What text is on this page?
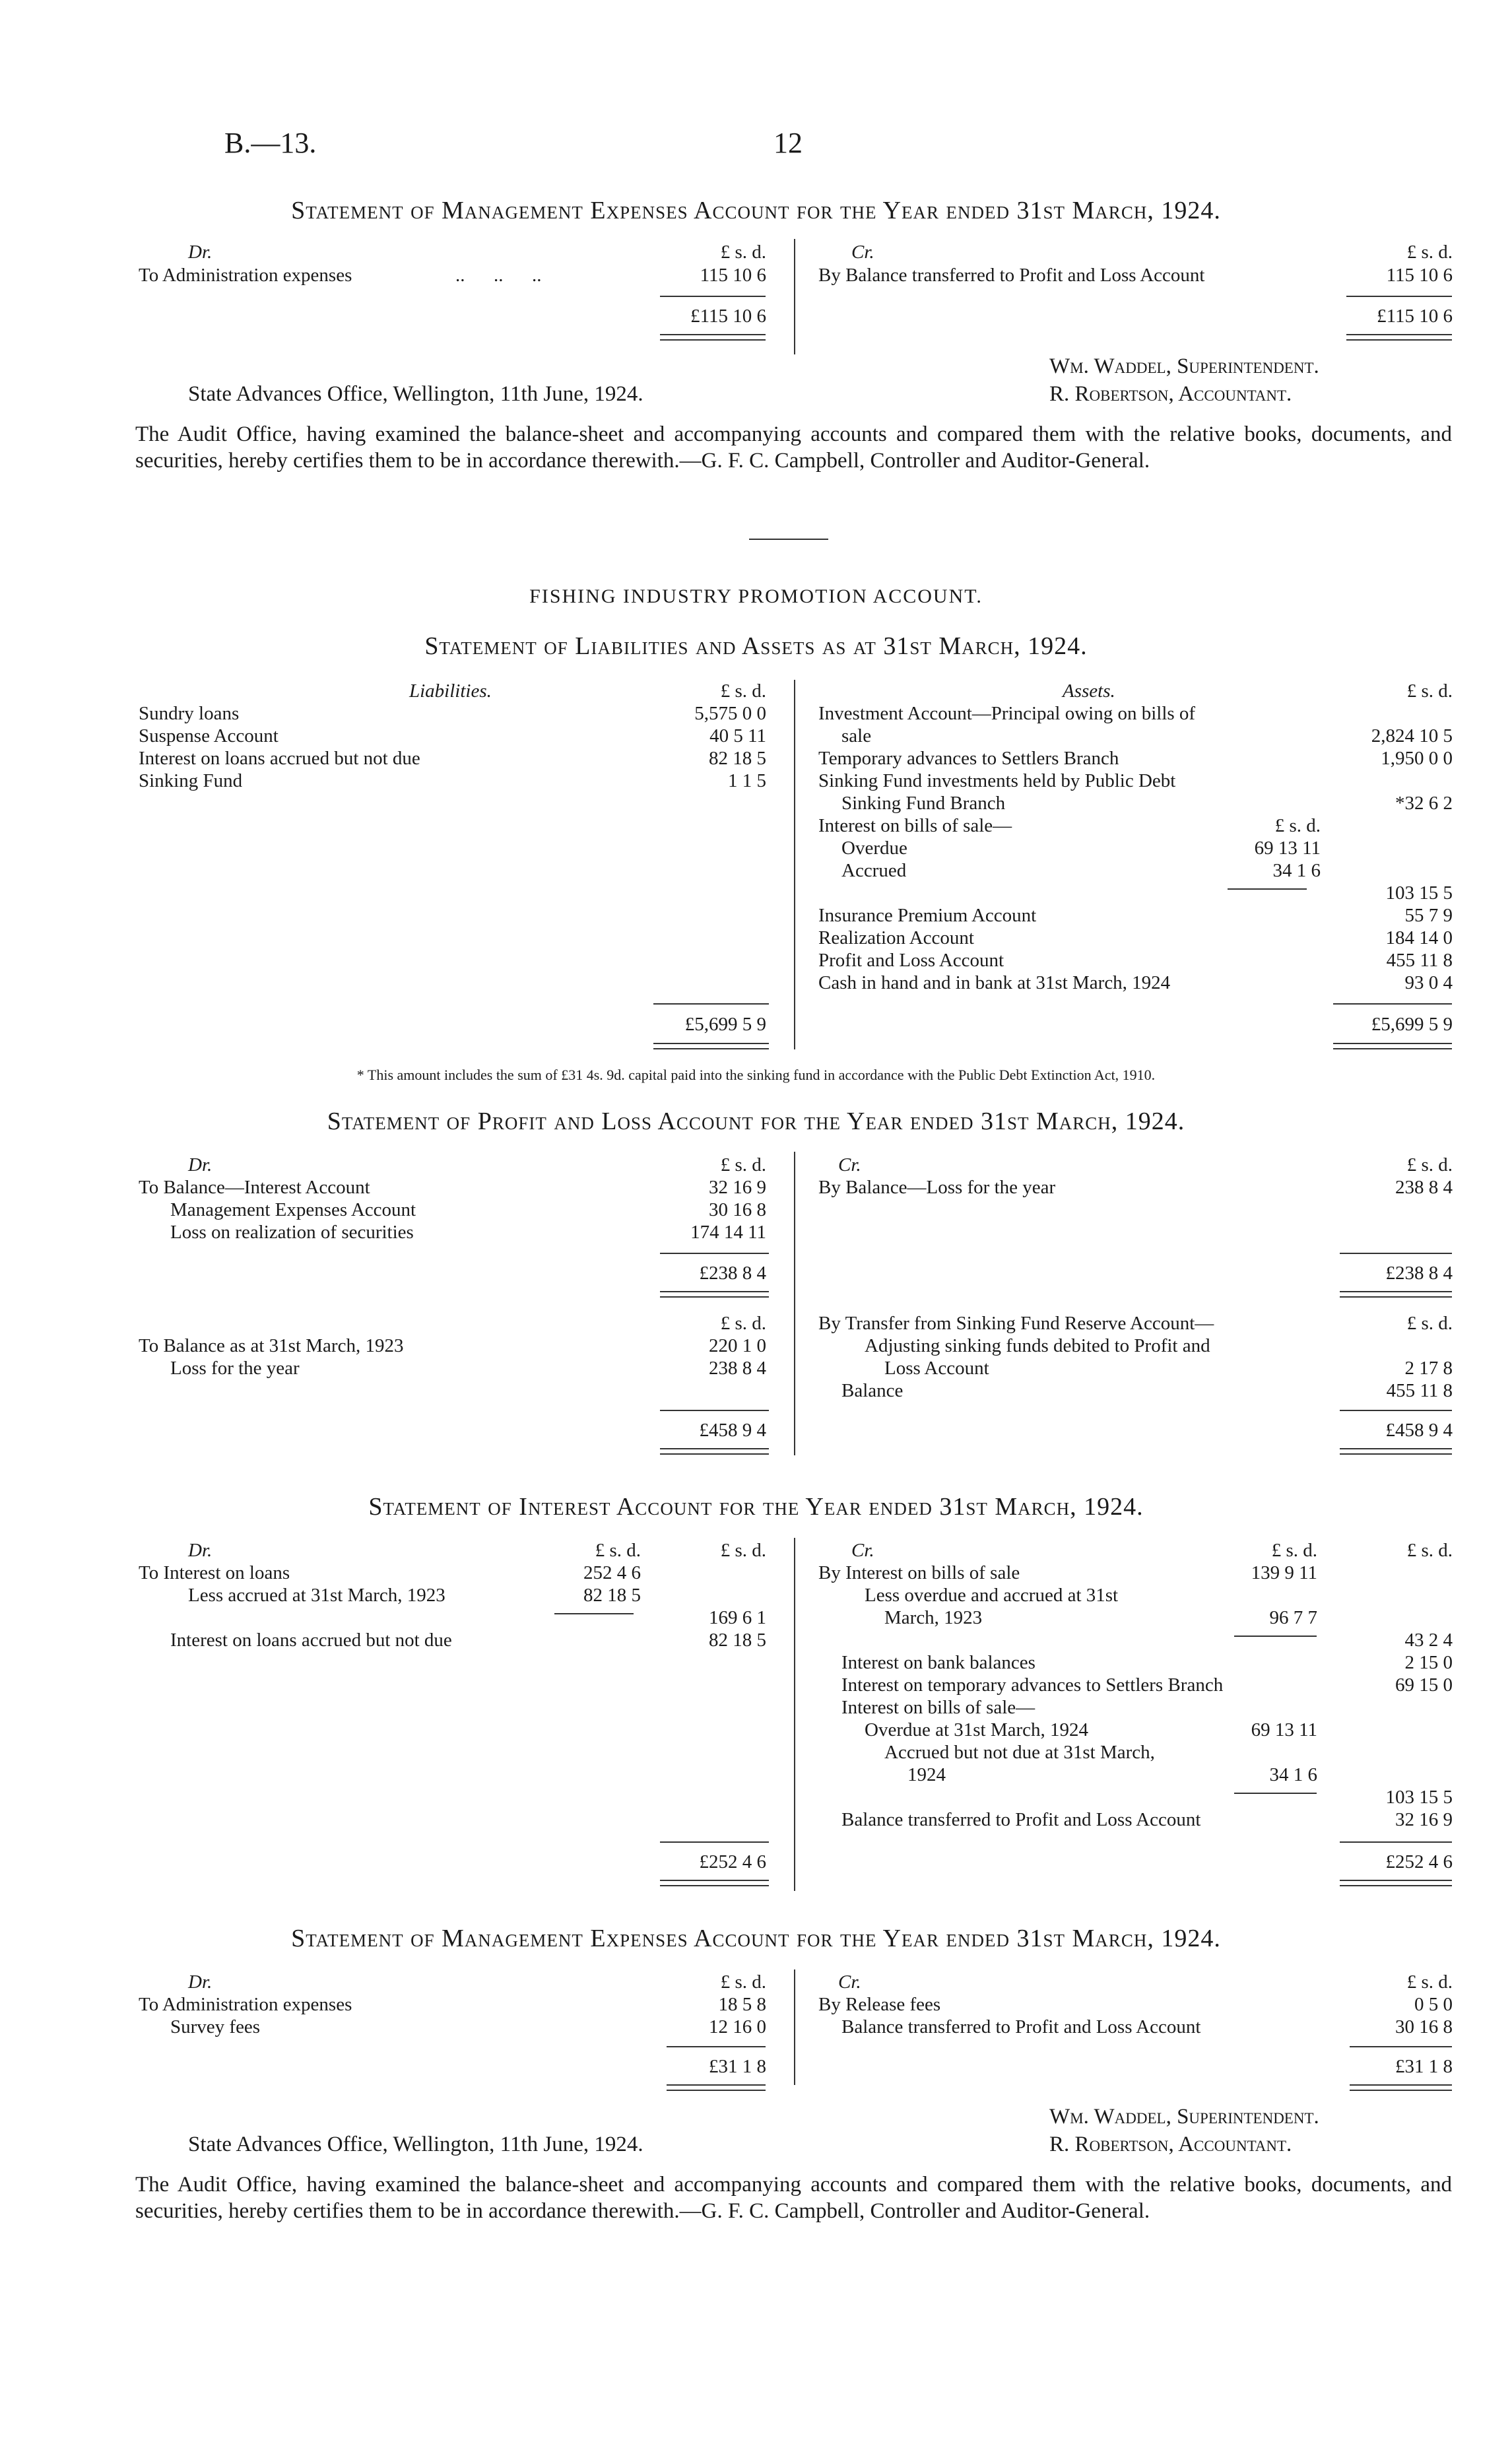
B.—13.	12
Statement of Management Expenses Account for the Year ended 31st March, 1924.
Dr.	£ s. d.	Cr.	£ s. d.
To Administration expenses	..      ..      ..	115 10 6	By Balance transferred to Profit and Loss Account	115 10 6
£115 10 6	£115 10 6
Wm. Waddel, Superintendent.
State Advances Office, Wellington, 11th June, 1924.	R. Robertson, Accountant.
The Audit Office, having examined the balance-sheet and accompanying accounts and compared them with the relative books, documents, and securities, hereby certifies them to be in accordance therewith.—G. F. C. Campbell, Controller and Auditor-General.
FISHING INDUSTRY PROMOTION ACCOUNT.
Statement of Liabilities and Assets as at 31st March, 1924.
Liabilities.	£ s. d.	Assets.	£ s. d.
Sundry loans	5,575 0 0
Suspense Account	40 5 11
Interest on loans accrued but not due	82 18 5
Sinking Fund	1 1 5
Investment Account—Principal owing on bills of
sale	2,824 10 5
Temporary advances to Settlers Branch	1,950 0 0
Sinking Fund investments held by Public Debt
Sinking Fund Branch	*32 6 2
Interest on bills of sale—	£ s. d.
Overdue	69 13 11
Accrued	34 1 6
103 15 5
Insurance Premium Account	55 7 9
Realization Account	184 14 0
Profit and Loss Account	455 11 8
Cash in hand and in bank at 31st March, 1924	93 0 4
£5,699 5 9	£5,699 5 9
* This amount includes the sum of £31 4s. 9d. capital paid into the sinking fund in accordance with the Public Debt Extinction Act, 1910.
Statement of Profit and Loss Account for the Year ended 31st March, 1924.
Dr.	£ s. d.	Cr.	£ s. d.
To Balance—Interest Account	32 16 9
Management Expenses Account	30 16 8
Loss on realization of securities	174 14 11
By Balance—Loss for the year	238 8 4
£238 8 4	£238 8 4
£ s. d.
To Balance as at 31st March, 1923	220 1 0
Loss for the year	238 8 4
By Transfer from Sinking Fund Reserve Account—	£ s. d.
Adjusting sinking funds debited to Profit and
Loss Account	2 17 8
Balance	455 11 8
£458 9 4	£458 9 4
Statement of Interest Account for the Year ended 31st March, 1924.
Dr.	£ s. d.	£ s. d.	Cr.	£ s. d.	£ s. d.
To Interest on loans	252 4 6
Less accrued at 31st March, 1923	82 18 5
169 6 1
Interest on loans accrued but not due	82 18 5
By Interest on bills of sale	139 9 11
Less overdue and accrued at 31st
March, 1923	96 7 7
43 2 4
Interest on bank balances	2 15 0
Interest on temporary advances to Settlers Branch	69 15 0
Interest on bills of sale—
Overdue at 31st March, 1924	69 13 11
Accrued but not due at 31st March,
1924	34 1 6
103 15 5
Balance transferred to Profit and Loss Account	32 16 9
£252 4 6	£252 4 6
Statement of Management Expenses Account for the Year ended 31st March, 1924.
Dr.	£ s. d.	Cr.	£ s. d.
To Administration expenses	18 5 8
Survey fees	12 16 0
By Release fees	0 5 0
Balance transferred to Profit and Loss Account	30 16 8
£31 1 8	£31 1 8
Wm. Waddel, Superintendent.
State Advances Office, Wellington, 11th June, 1924.	R. Robertson, Accountant.
The Audit Office, having examined the balance-sheet and accompanying accounts and compared them with the relative books, documents, and securities, hereby certifies them to be in accordance therewith.—G. F. C. Campbell, Controller and Auditor-General.
